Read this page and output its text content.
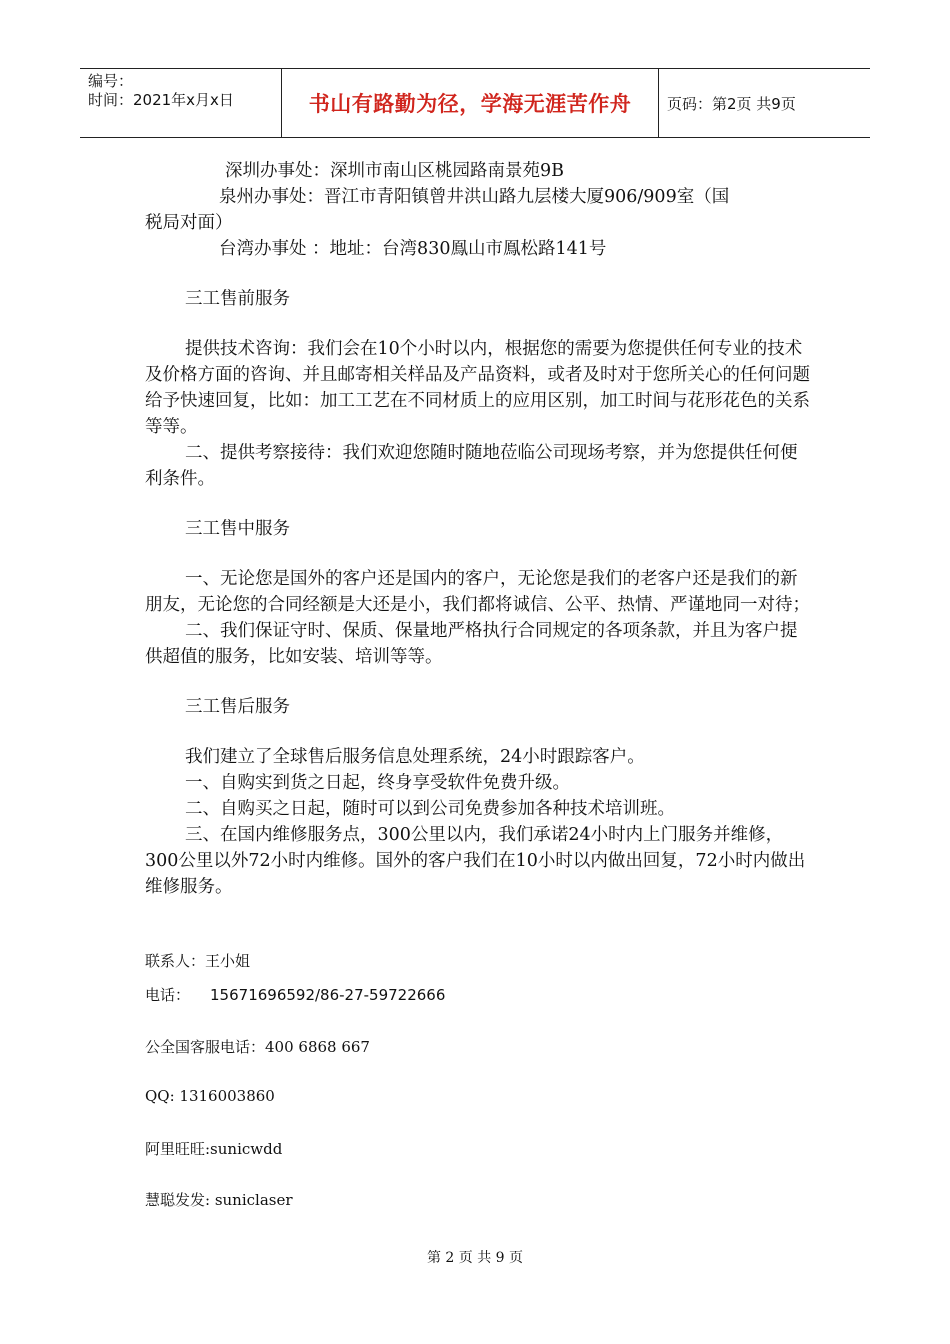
编号：
时间：2021年x月x日	书山有路勤为径，学海无涯苦作舟	页码：第2页 共9页

深圳办事处：深圳市南山区桃园路南景苑9B

泉州办事处：晋江市青阳镇曾井洪山路九层楼大厦906/909室（国

税局对面）

台湾办事处 ：地址：台湾830鳯山市鳯松路141号

三工售前服务

提供技术咨询：我们会在10个小时以内，根据您的需要为您提供任何专业的技术及价格方面的咨询、并且邮寄相关样品及产品资料，或者及时对于您所关心的任何问题给予快速回复，比如：加工工艺在不同材质上的应用区别，加工时间与花形花色的关系等等。

二、提供考察接待：我们欢迎您随时随地莅临公司现场考察，并为您提供任何便利条件。

三工售中服务

一、无论您是国外的客户还是国内的客户，无论您是我们的老客户还是我们的新朋友，无论您的合同经额是大还是小，我们都将诚信、公平、热情、严谨地同一对待；

二、我们保证守时、保质、保量地严格执行合同规定的各项条款，并且为客户提供超值的服务，比如安装、培训等等。

三工售后服务

我们建立了全球售后服务信息处理系统，24小时跟踪客户。

一、自购实到货之日起，终身享受软件免费升级。

二、自购买之日起，随时可以到公司免费参加各种技术培训班。

三、在国内维修服务点，300公里以内，我们承诺24小时内上门服务并维修，300公里以外72小时内维修。国外的客户我们在10小时以内做出回复，72小时内做出维修服务。

联系人：王小姐
电话： 15671696592/86-27-59722666
公全国客服电话：400 6868 667
QQ: 1316003860
阿里旺旺:sunicwdd
慧聪发发: suniclaser
第 2 页 共 9 页
